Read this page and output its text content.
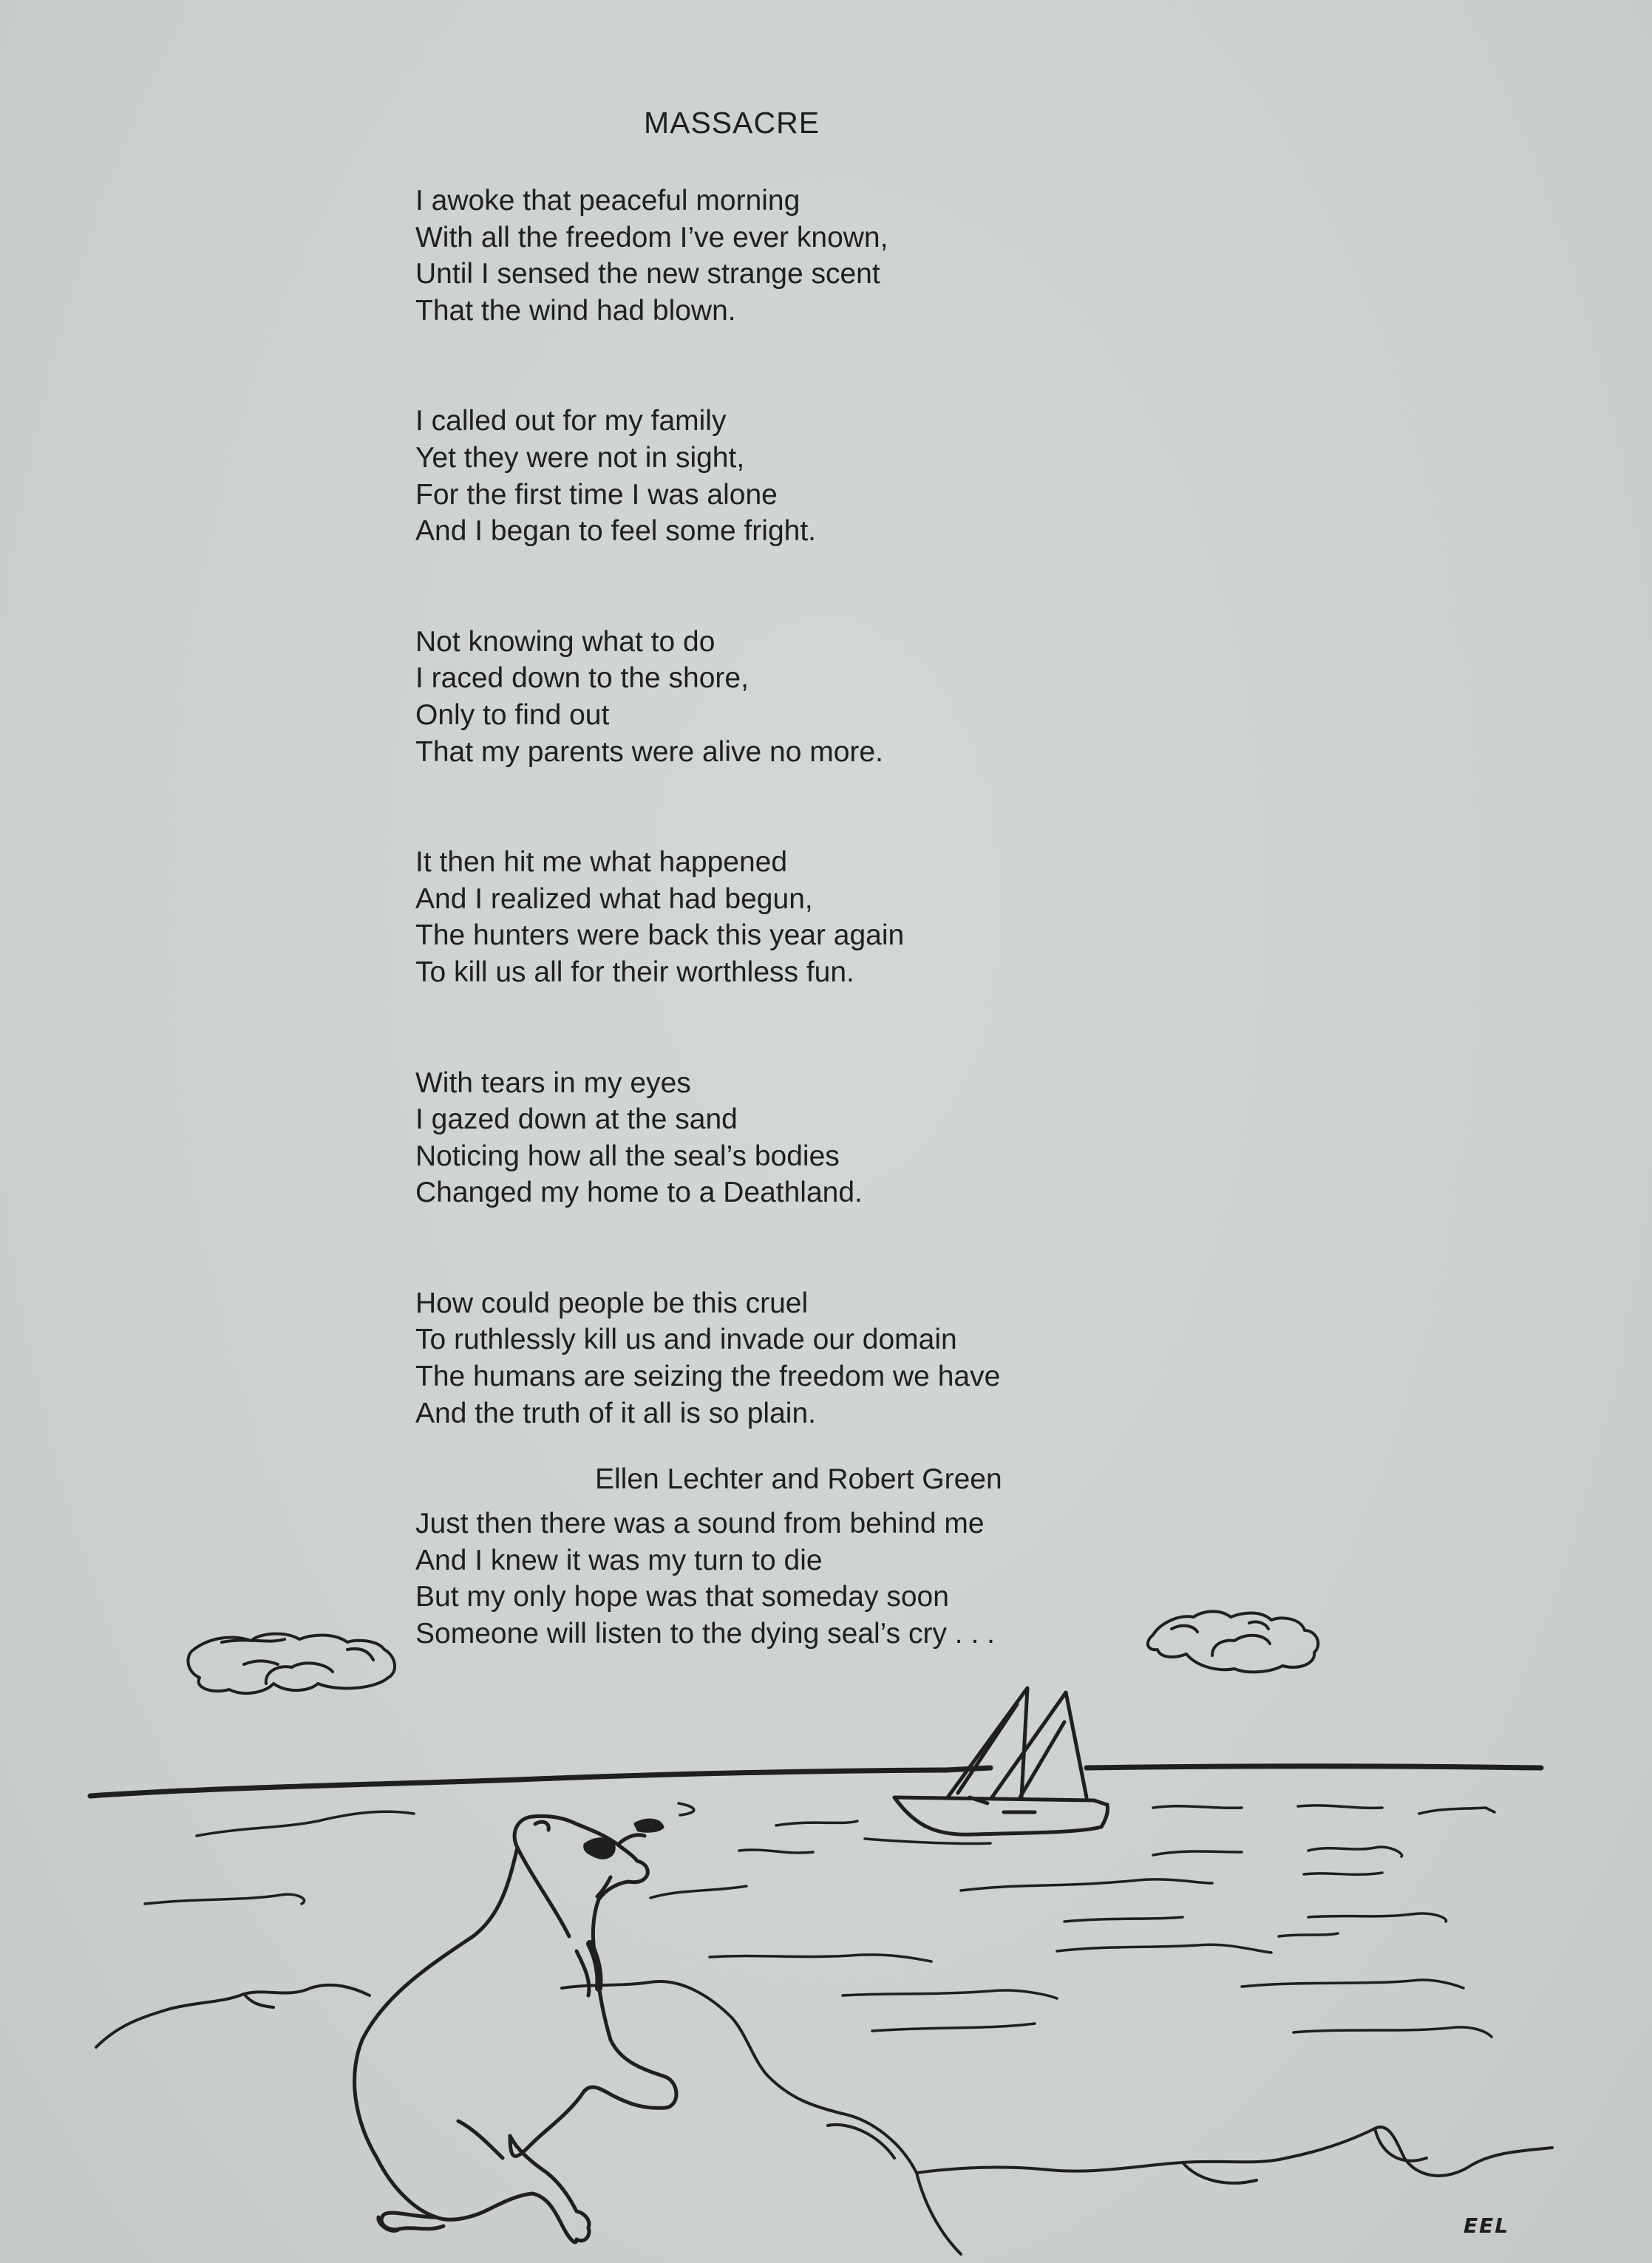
MASSACRE
I awoke that peaceful morning
With all the freedom I’ve ever known,
Until I sensed the new strange scent
That the wind had blown.
I called out for my family
Yet they were not in sight,
For the first time I was alone
And I began to feel some fright.
Not knowing what to do
I raced down to the shore,
Only to find out
That my parents were alive no more.
It then hit me what happened
And I realized what had begun,
The hunters were back this year again
To kill us all for their worthless fun.
With tears in my eyes
I gazed down at the sand
Noticing how all the seal’s bodies
Changed my home to a Deathland.
How could people be this cruel
To ruthlessly kill us and invade our domain
The humans are seizing the freedom we have
And the truth of it all is so plain.
Just then there was a sound from behind me
And I knew it was my turn to die
But my only hope was that someday soon
Someone will listen to the dying seal’s cry . . .
Ellen Lechter and Robert Green
EEL
